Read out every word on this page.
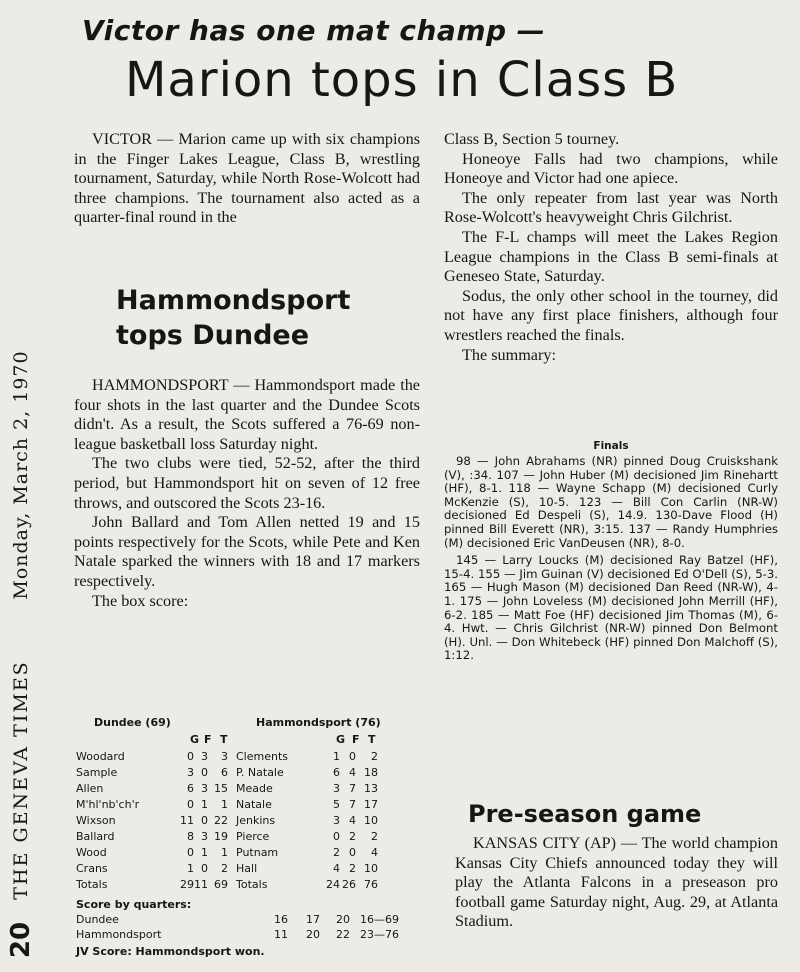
Monday, March 2, 1970
THE GENEVA TIMES
20
Victor has one mat champ —
Marion tops in Class B

VICTOR — Marion came up with six champions in the Finger Lakes League, Class B, wrestling tournament, Saturday, while North Rose-Wolcott had three champions. The tournament also acted as a quarter-final round in the

Class B, Section 5 tourney.

Honeoye Falls had two champions, while Honeoye and Victor had one apiece.

The only repeater from last year was North Rose-Wolcott's heavyweight Chris Gilchrist.

The F-L champs will meet the Lakes Region League champions in the Class B semi-finals at Geneseo State, Saturday.

Sodus, the only other school in the tourney, did not have any first place finishers, although four wrestlers reached the finals.

The summary:

Finals

98 — John Abrahams (NR) pinned Doug Cruiskshank (V), :34. 107 — John Huber (M) decisioned Jim Rinehartt (HF), 8-1. 118 — Wayne Schapp (M) decisioned Curly McKenzie (S), 10-5. 123 — Bill Con Carlin (NR-W) decisioned Ed Despeli (S), 14.9. 130-Dave Flood (H) pinned Bill Everett (NR), 3:15. 137 — Randy Humphries (M) decisioned Eric VanDeusen (NR), 8-0.

145 — Larry Loucks (M) decisioned Ray Batzel (HF), 15-4. 155 — Jim Guinan (V) decisioned Ed O'Dell (S), 5-3. 165 — Hugh Mason (M) decisioned Dan Reed (NR-W), 4-1. 175 — John Loveless (M) decisioned John Merrill (HF), 6-2. 185 — Matt Foe (HF) decisioned Jim Thomas (M), 6-4. Hwt. — Chris Gilchrist (NR-W) pinned Don Belmont (H). Unl. — Don Whitebeck (HF) pinned Don Malchoff (S), 1:12.

Hammondsport tops Dundee

HAMMONDSPORT — Hammondsport made the four shots in the last quarter and the Dundee Scots didn't. As a result, the Scots suffered a 76-69 non-league basketball loss Saturday night.

The two clubs were tied, 52-52, after the third period, but Hammondsport hit on seven of 12 free throws, and outscored the Scots 23-16.

John Ballard and Tom Allen netted 19 and 15 points respectively for the Scots, while Pete and Ken Natale sparked the winners with 18 and 17 markers respectively.

The box score:

Dundee (69)	Hammondsport (76)
G F T	G F T
Woodard	0 3	3 Clements	1 0	2
Sample	3 0	6 P. Natale	6 4 18
Allen	6 3 15 Meade	3 7 13
M'hl'nb'ch'r	0 1	1 Natale	5 7 17
Wixson	11 0 22 Jenkins	3 4 10
Ballard	8 3 19 Pierce	0 2	2
Wood	0 1	1 Putnam	2 0	4
Crans	1 0	2 Hall	4 2 10
Totals	29 11 69 Totals	24 26 76
Score by quarters:
Dundee	16	17	20 16—69
Hammondsport	11	20	22 23—76
JV Score: Hammondsport won.
Pre-season game

KANSAS CITY (AP) — The world champion Kansas City Chiefs announced today they will play the Atlanta Falcons in a preseason pro football game Saturday night, Aug. 29, at Atlanta Stadium.
